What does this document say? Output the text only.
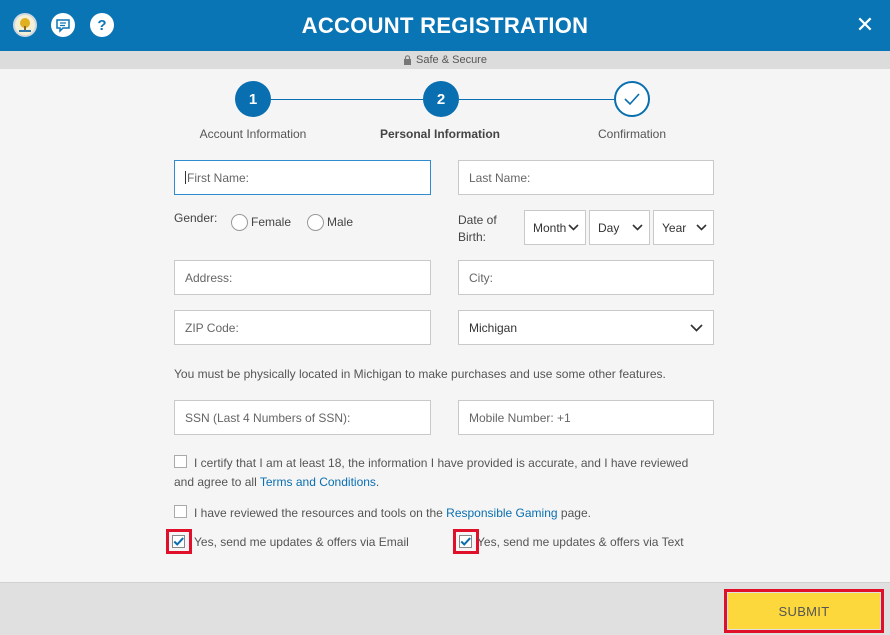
?	ACCOUNT REGISTRATION	✕
Safe & Secure
1	2
Account Information	Personal Information	Confirmation
First Name:	Last Name:
Gender:	Female	Male	Date of
Birth:
Month	Day	Year
Address:	City:
ZIP Code:	Michigan
You must be physically located in Michigan to make purchases and use some other features.
SSN (Last 4 Numbers of SSN):	Mobile Number: +1
I certify that I am at least 18, the information I have provided is accurate, and I have reviewed
and agree to all Terms and Conditions.
I have reviewed the resources and tools on the Responsible Gaming page.
Yes, send me updates & offers via Email	Yes, send me updates & offers via Text
SUBMIT
